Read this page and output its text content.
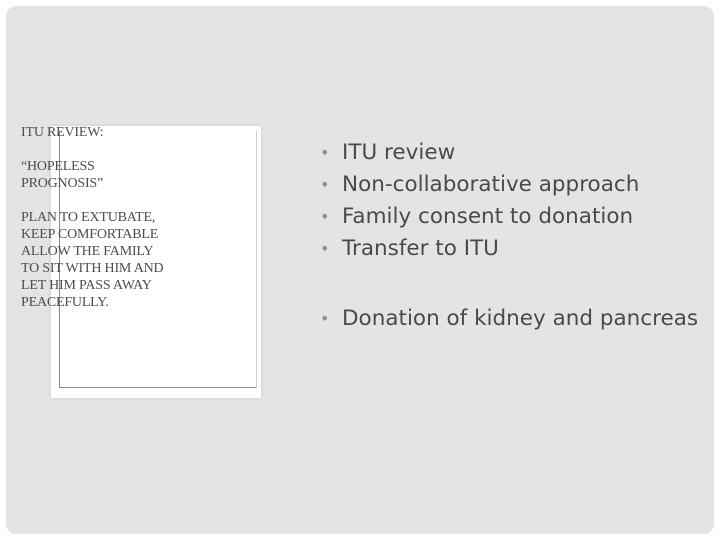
ITU REVIEW:
“HOPELESS
PROGNOSIS”
PLAN TO EXTUBATE,
KEEP COMFORTABLE
ALLOW THE FAMILY
TO SIT WITH HIM AND
LET HIM PASS AWAY
PEACEFULLY.
• ITU review
• Non-collaborative approach
• Family consent to donation
• Transfer to ITU
• Donation of kidney and pancreas
